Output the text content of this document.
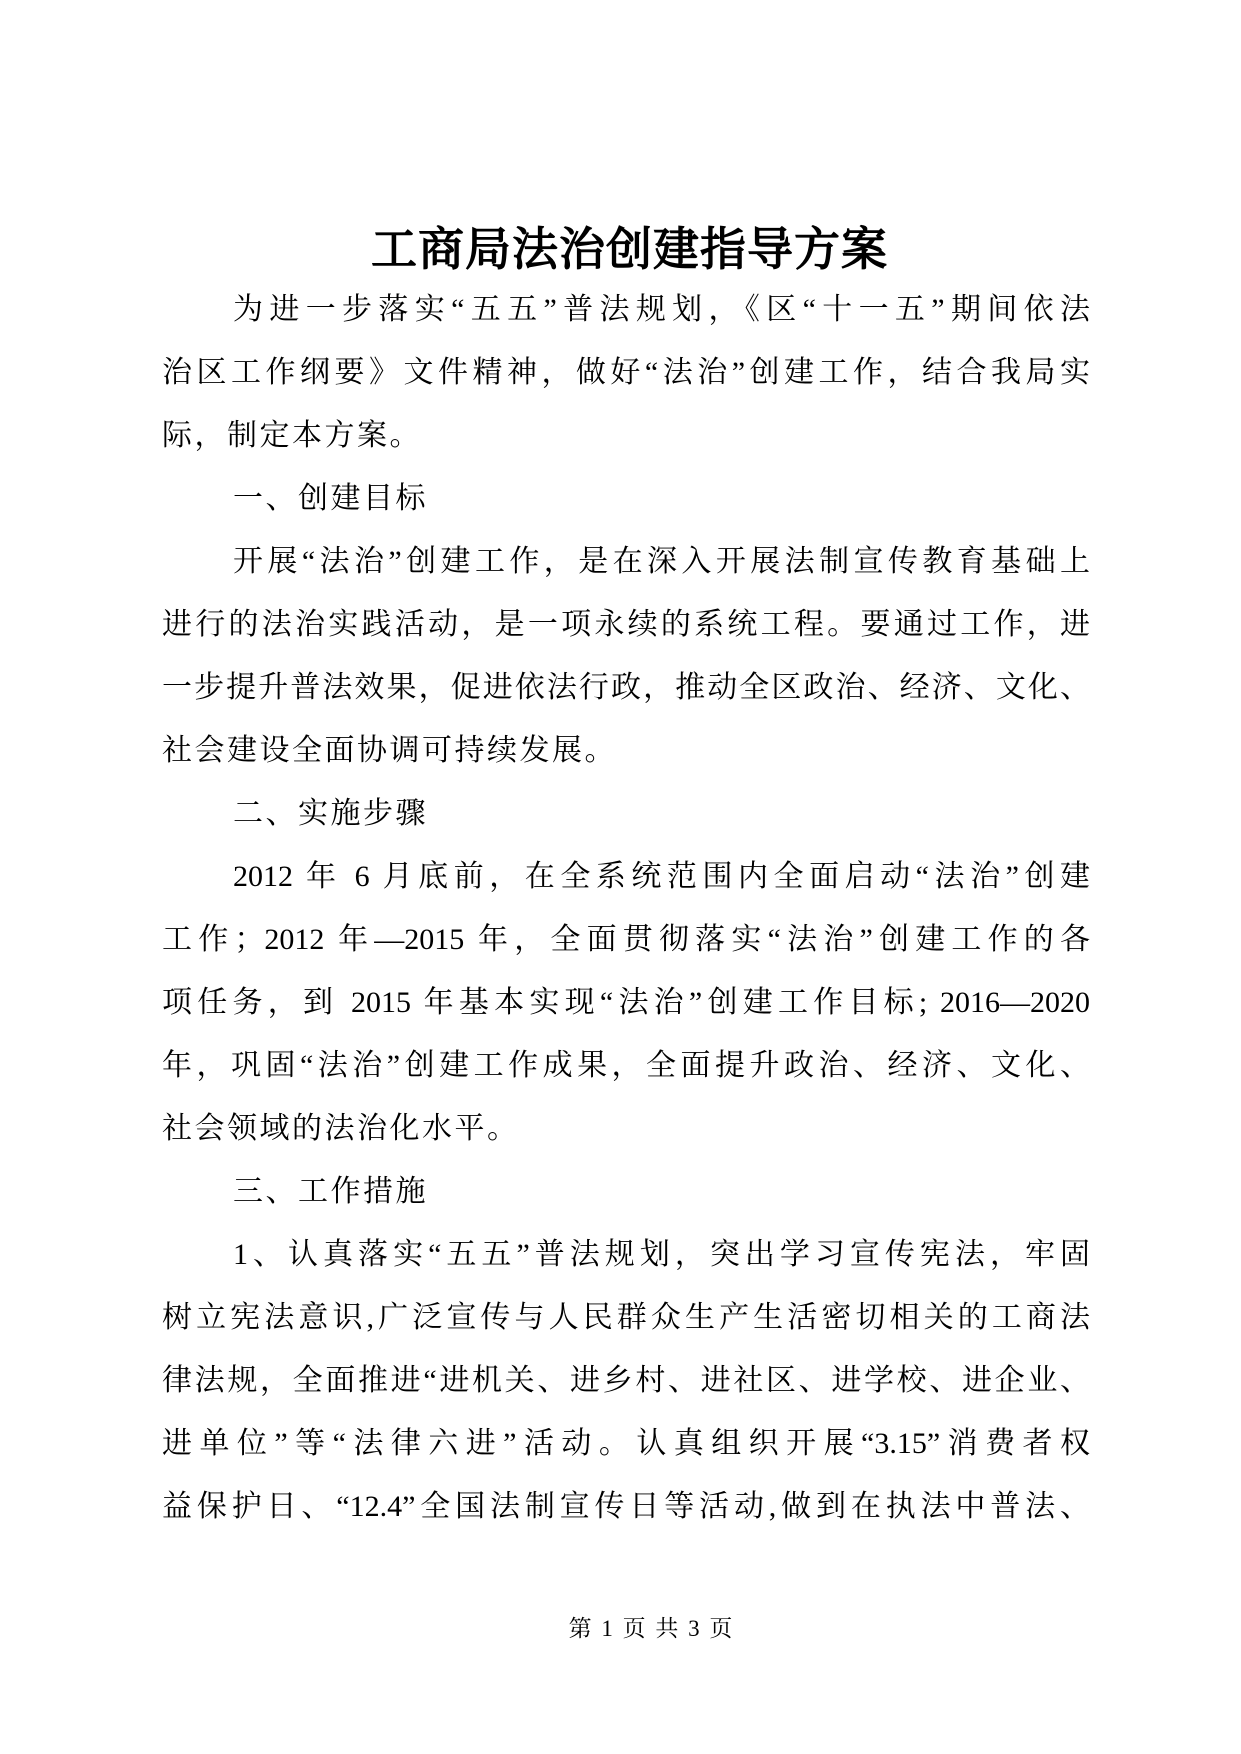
工商局法治创建指导方案
为进一步落实“五五”普法规划，《区“十一五”期间依法
治区工作纲要》文件精神，做好“法治”创建工作，结合我局实
际，制定本方案。
一、创建目标
开展“法治”创建工作，是在深入开展法制宣传教育基础上
进行的法治实践活动，是一项永续的系统工程。要通过工作，进
一步提升普法效果，促进依法行政，推动全区政治、经济、文化、
社会建设全面协调可持续发展。
二、实施步骤
2012 年 6 月底前，在全系统范围内全面启动“法治”创建
工作；2012 年—2015 年，全面贯彻落实“法治”创建工作的各
项任务，到 2015 年基本实现“法治”创建工作目标; 2016—2020
年，巩固“法治”创建工作成果，全面提升政治、经济、文化、
社会领域的法治化水平。
三、工作措施
1、认真落实“五五”普法规划，突出学习宣传宪法，牢固
树立宪法意识,广泛宣传与人民群众生产生活密切相关的工商法
律法规，全面推进“进机关、进乡村、进社区、进学校、进企业、
进单位”等“法律六进”活动。认真组织开展“3.15”消费者权
益保护日、“12.4”全国法制宣传日等活动,做到在执法中普法、
第 1 页 共 3 页
